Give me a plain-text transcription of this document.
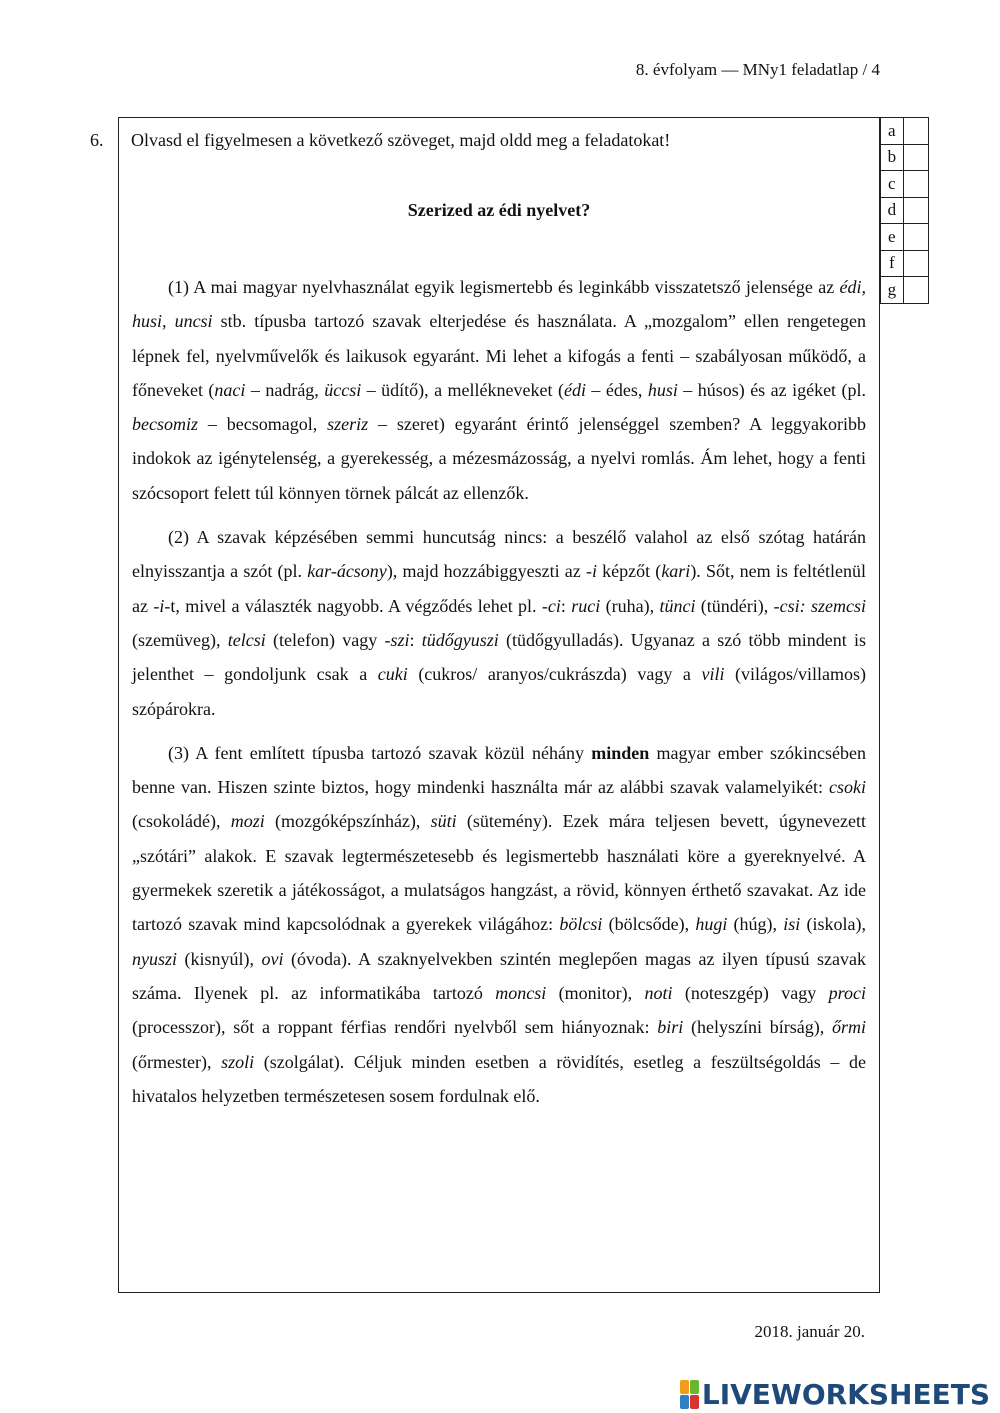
8. évfolyam — MNy1 feladatlap / 4
6. Olvasd el figyelmesen a következő szöveget, majd oldd meg a feladatokat!
Szerized az édi nyelvet?

(1) A mai magyar nyelvhasználat egyik legismertebb és leginkább visszatetsző jelensége az édi, husi, uncsi stb. típusba tartozó szavak elterjedése és használata. A „mozgalom” ellen rengetegen lépnek fel, nyelvművelők és laikusok egyaránt. Mi lehet a kifogás a fenti – szabályosan működő, a főneveket (naci – nadrág, üccsi – üdítő), a mellékneveket (édi – édes, husi – húsos) és az igéket (pl. becsomiz – becsomagol, szeriz – szeret) egyaránt érintő jelenséggel szemben? A leggyakoribb indokok az igénytelenség, a gyerekesség, a mézesmázosság, a nyelvi romlás. Ám lehet, hogy a fenti szócsoport felett túl könnyen törnek pálcát az ellenzők.

(2) A szavak képzésében semmi huncutság nincs: a beszélő valahol az első szótag határán elnyisszantja a szót (pl. kar-ácsony), majd hozzábiggyeszti az -i képzőt (kari). Sőt, nem is feltétlenül az -i-t, mivel a választék nagyobb. A végződés lehet pl. -ci: ruci (ruha), tünci (tündéri), -csi: szemcsi (szemüveg), telcsi (telefon) vagy -szi: tüdőgyuszi (tüdőgyulladás). Ugyanaz a szó több mindent is jelenthet – gondoljunk csak a cuki (cukros/ aranyos/cukrászda) vagy a vili (világos/villamos) szópárokra.

(3) A fent említett típusba tartozó szavak közül néhány minden magyar ember szókincsében benne van. Hiszen szinte biztos, hogy mindenki használta már az alábbi szavak valamelyikét: csoki (csokoládé), mozi (mozgóképszínház), süti (sütemény). Ezek mára teljesen bevett, úgynevezett „szótári” alakok. E szavak legtermészetesebb és legismertebb használati köre a gyereknyelvé. A gyermekek szeretik a játékosságot, a mulatságos hangzást, a rövid, könnyen érthető szavakat. Az ide tartozó szavak mind kapcsolódnak a gyerekek világához: bölcsi (bölcsőde), hugi (húg), isi (iskola), nyuszi (kisnyúl), ovi (óvoda). A szaknyelvekben szintén meglepően magas az ilyen típusú szavak száma. Ilyenek pl. az informatikába tartozó moncsi (monitor), noti (noteszgép) vagy proci (processzor), sőt a roppant férfias rendőri nyelvből sem hiányoznak: biri (helyszíni bírság), őrmi (őrmester), szoli (szolgálat). Céljuk minden esetben a rövidítés, esetleg a feszültségoldás – de hivatalos helyzetben természetesen sosem fordulnak elő.

a	
b	
c	
d	
e	
f	
g	
2018. január 20.
LIVEWORKSHEETS
